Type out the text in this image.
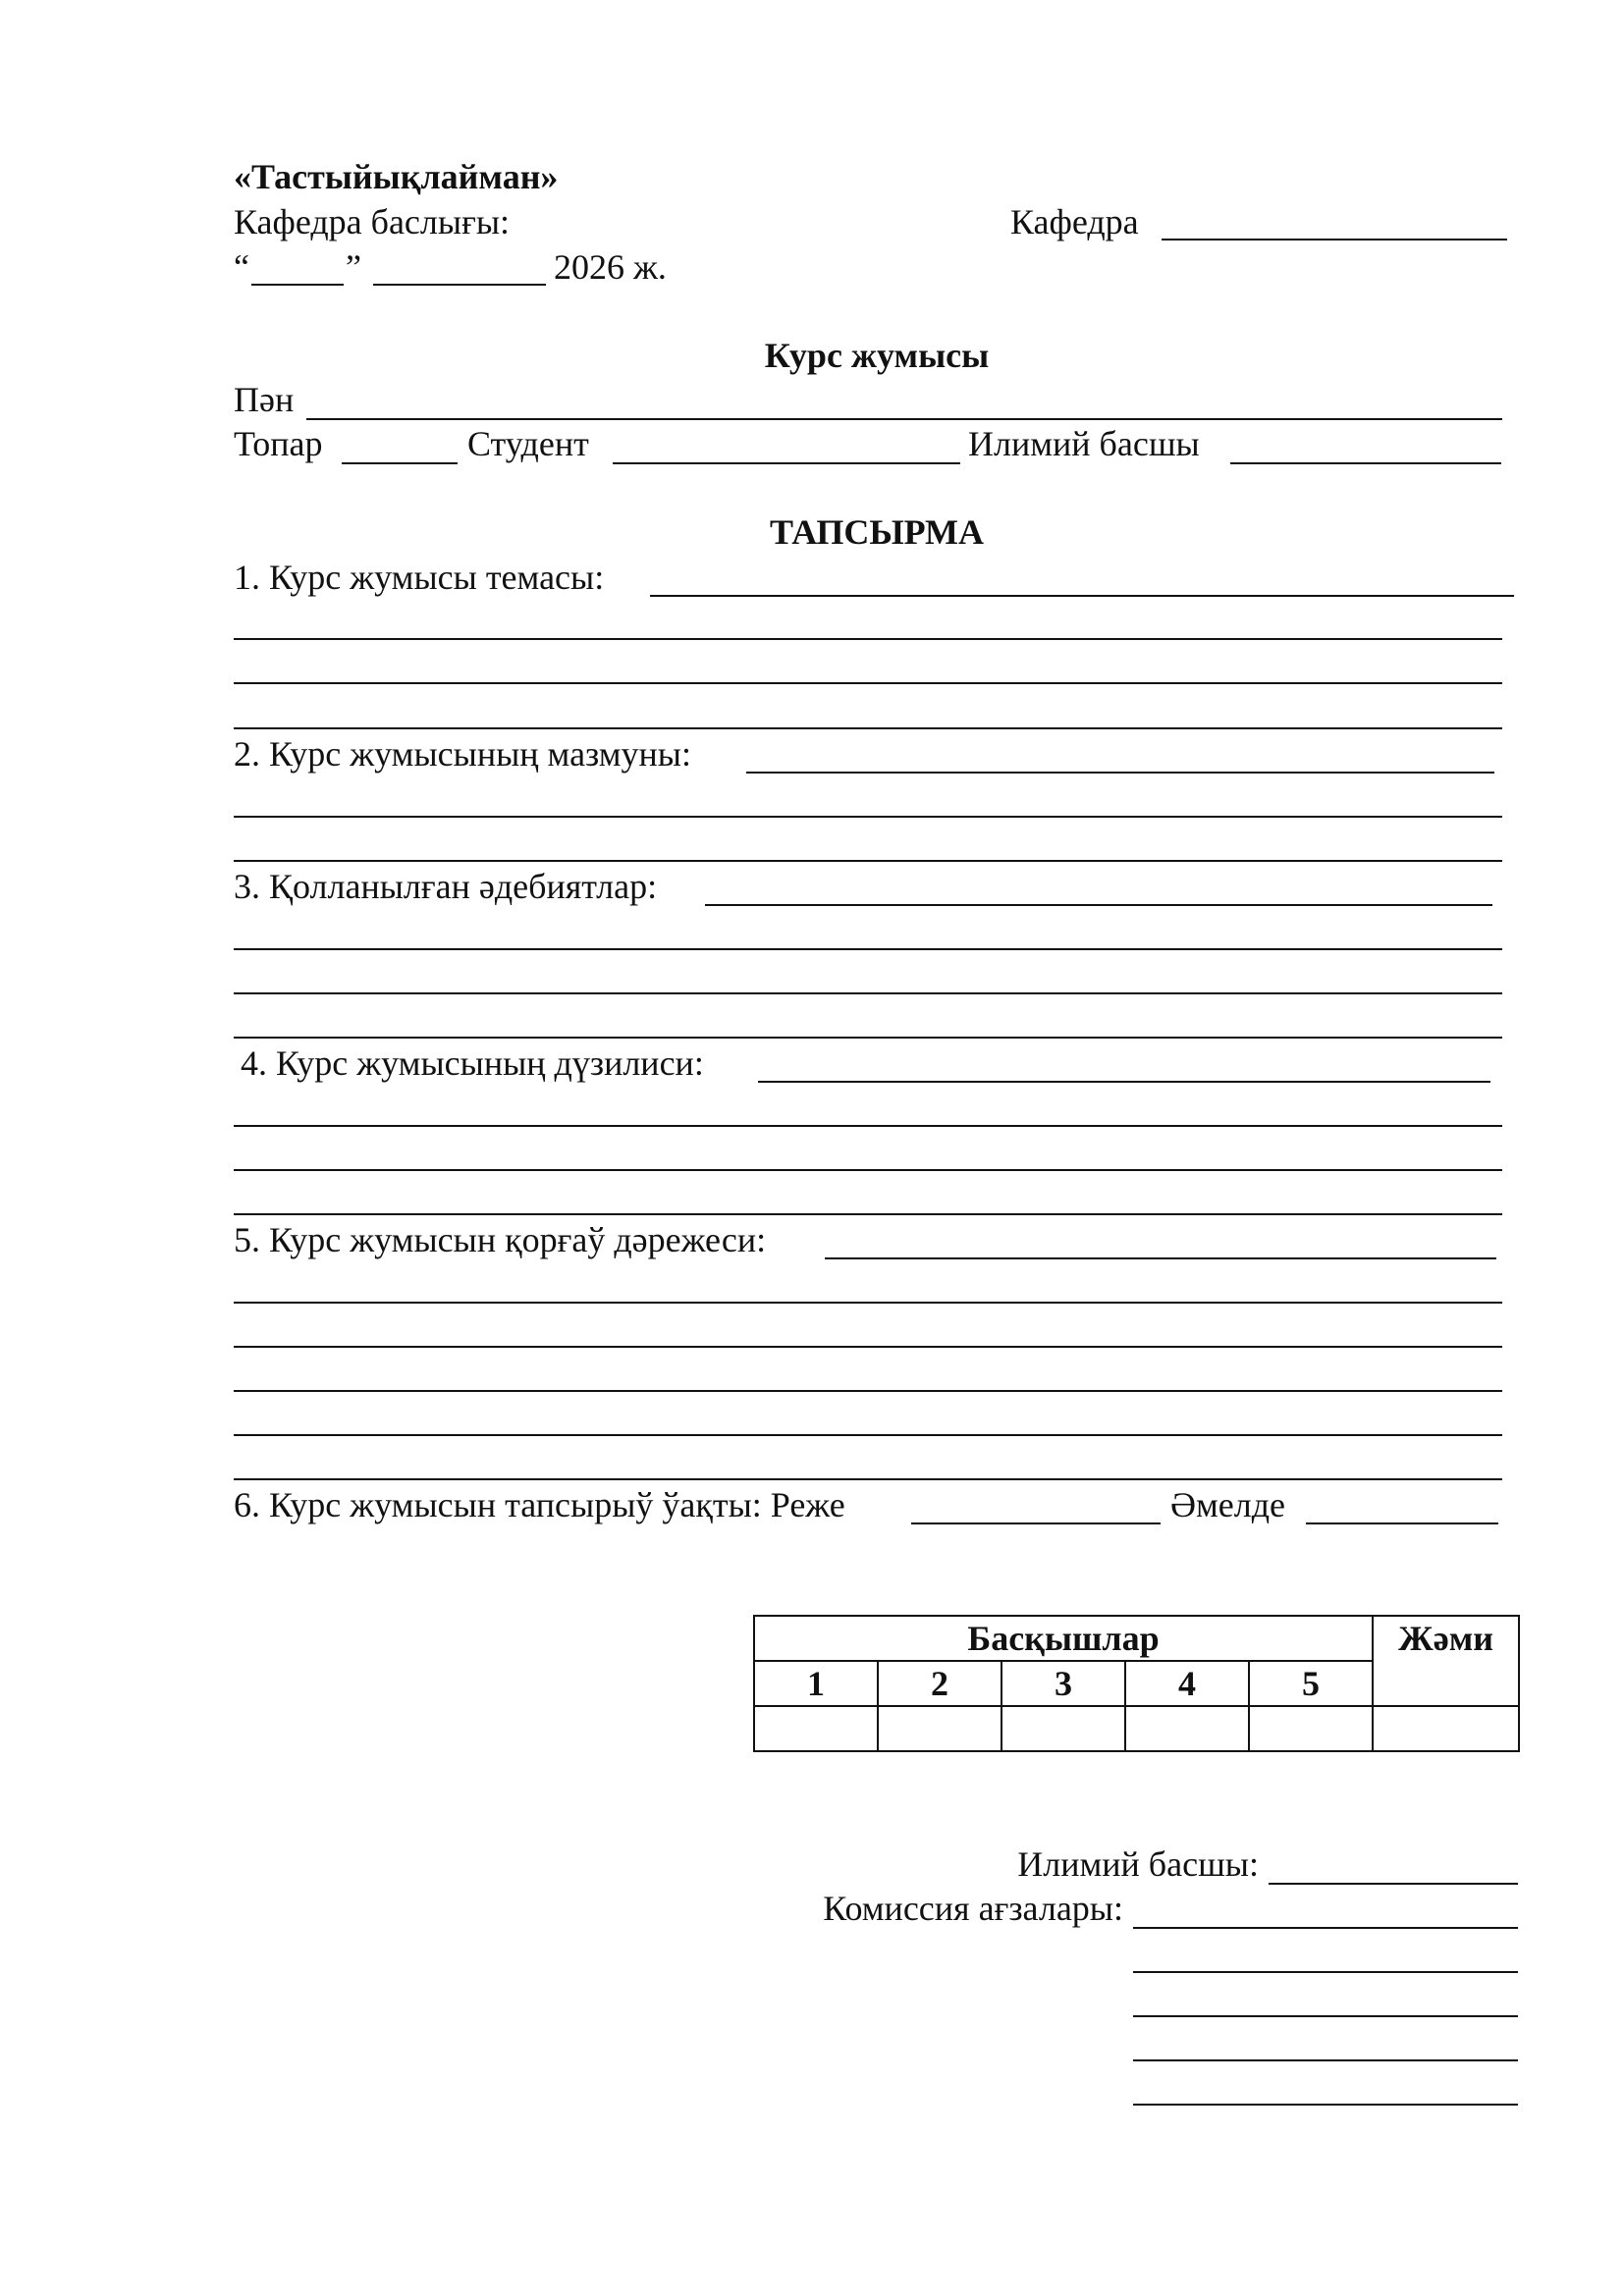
«Тастыйықлайман»
Кафедра баслығы:	Кафедра
“	”	2026 ж.
Курс жумысы
Пән
Топар	Студент	Илимий басшы
ТАПСЫРМА
1. Курс жумысы темасы:
2. Курс жумысының мазмуны:
3. Қолланылған әдебиятлар:
4. Курс жумысының дүзилиси:
5. Курс жумысын қорғаў дәрежеси:
6. Курс жумысын тапсырыў ўақты: Реже	Әмелде
Басқышлар					Жәми
1	2	3	4	5	

Илимий басшы:
Комиссия ағзалары:
